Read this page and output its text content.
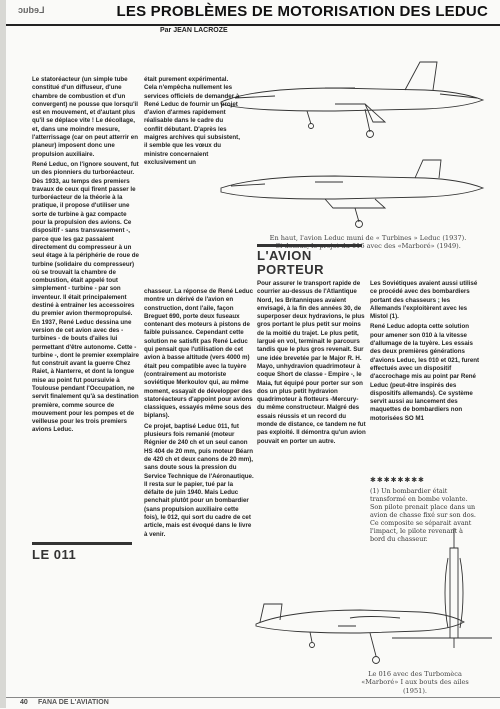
Leduc	LES PROBLÈMES DE MOTORISATION DES LEDUC
Par JEAN LACROZE
En haut, l'avion Leduc muni de « Turbines » Leduc (1937).
Ci-dessus, le projet du 016 avec des «Marboré» (1949).

Le statoréacteur (un simple tube constitué d'un diffuseur, d'une chambre de combustion et d'un convergent) ne pousse que lorsqu'il est en mouvement, et d'autant plus qu'il se déplace vite ! Le décollage, et, dans une moindre mesure, l'atterrissage (car on peut atterrir en planeur) imposent donc une propulsion auxiliaire.

René Leduc, on l'ignore souvent, fut un des pionniers du turboréacteur. Dès 1933, au temps des premiers travaux de ceux qui firent passer le turboréacteur de la théorie à la pratique, il propose d'utiliser une sorte de turbine à gaz compacte pour la propulsion des avions. Ce dispositif - sans transvasement -, parce que les gaz passaient directement du compresseur à un seul étage à la périphérie de roue de turbine (solidaire du compresseur) où se trouvait la chambre de combustion, était appelé tout simplement - turbine - par son inventeur. Il était principalement destiné à entraîner les accessoires du premier avion thermopropulsé. En 1937, René Leduc dessina une version de cet avion avec des - turbines - de bouts d'ailes lui permettant d'être autonome. Cette - turbine -, dont le premier exemplaire fut construit avant la guerre Chez Raiet, à Nanterre, et dont la longue mise au point fut poursuivie à Toulouse pendant l'Occupation, ne servit finalement qu'à sa destination première, comme source de mouvement pour les pompes et de veilleuse pour les trois premiers avions Leduc.

était purement expérimental. Cela n'empêcha nullement les services officiels de demander à René Leduc de fournir un projet d'avion d'armes rapidement réalisable dans le cadre du conflit débutant. D'après les maigres archives qui subsistent, il semble que les vœux du ministre concernaient exclusivement un

chasseur. La réponse de René Leduc montre un dérivé de l'avion en construction, dont l'aile, façon Breguet 690, porte deux fuseaux contenant des moteurs à pistons de faible puissance. Cependant cette solution ne satisfit pas René Leduc qui pensait que l'utilisation de cet avion à basse altitude (vers 4000 m) était peu compatible avec la tuyère (contrairement au motoriste soviétique Merkoulov qui, au même moment, essayait de développer des statoréacteurs d'appoint pour avions classiques, essayés même sous des biplans).

Ce projet, baptisé Leduc 011, fut plusieurs fois remanié (moteur Régnier de 240 ch et un seul canon HS 404 de 20 mm, puis moteur Béarn de 420 ch et deux canons de 20 mm), sans doute sous la pression du Service Technique de l'Aéronautique. Il resta sur le papier, tué par la défaite de juin 1940. Mais Leduc penchait plutôt pour un bombardier (sans propulsion auxiliaire cette fois), le 012, qui sort du cadre de cet article, mais est évoqué dans le livre à venir.

LE 011
L'AVION
PORTEUR

Pour assurer le transport rapide de courrier au-dessus de l'Atlantique Nord, les Britanniques avaient envisagé, à la fin des années 30, de superposer deux hydravions, le plus gros portant le plus petit sur moins de la moitié du trajet. Le plus petit, largué en vol, terminait le parcours tandis que le plus gros revenait. Sur une idée brevetée par le Major R. H. Mayo, unhydravion quadrimoteur à coque Short de classe - Empire -, le Maia, fut équipé pour porter sur son dos un plus petit hydravion quadrimoteur à flotteurs -Mercury- du même constructeur. Malgré des essais réussis et un record du monde de distance, ce tandem ne fut pas exploité. Il démontra qu'un avion pouvait en porter un autre.

Les Soviétiques avaient aussi utilisé ce procédé avec des bombardiers portant des chasseurs ; les Allemands l'exploitèrent avec les Mistol (1).

René Leduc adopta cette solution pour amener son 010 à la vitesse d'allumage de la tuyère. Les essais des deux premières générations d'avions Leduc, les 010 et 021, furent effectués avec un dispositif d'accrochage mis au point par René Leduc (peut-être inspirés des dispositifs allemands). Ce système servit aussi au lancement des maquettes de bombardiers non motorisées SO M1

✱✱✱✱✱✱✱✱
(1) Un bombardier était transformé en bombe volante. Son pilote prenait place dans un avion de chasse fixé sur son dos. Ce composite se séparait avant l'impact, le pilote revenant à bord du chasseur.
Le 016 avec des Turbomèca
«Marboré» I aux bouts des ailes
(1951).
40 FANA DE L'AVIATION
